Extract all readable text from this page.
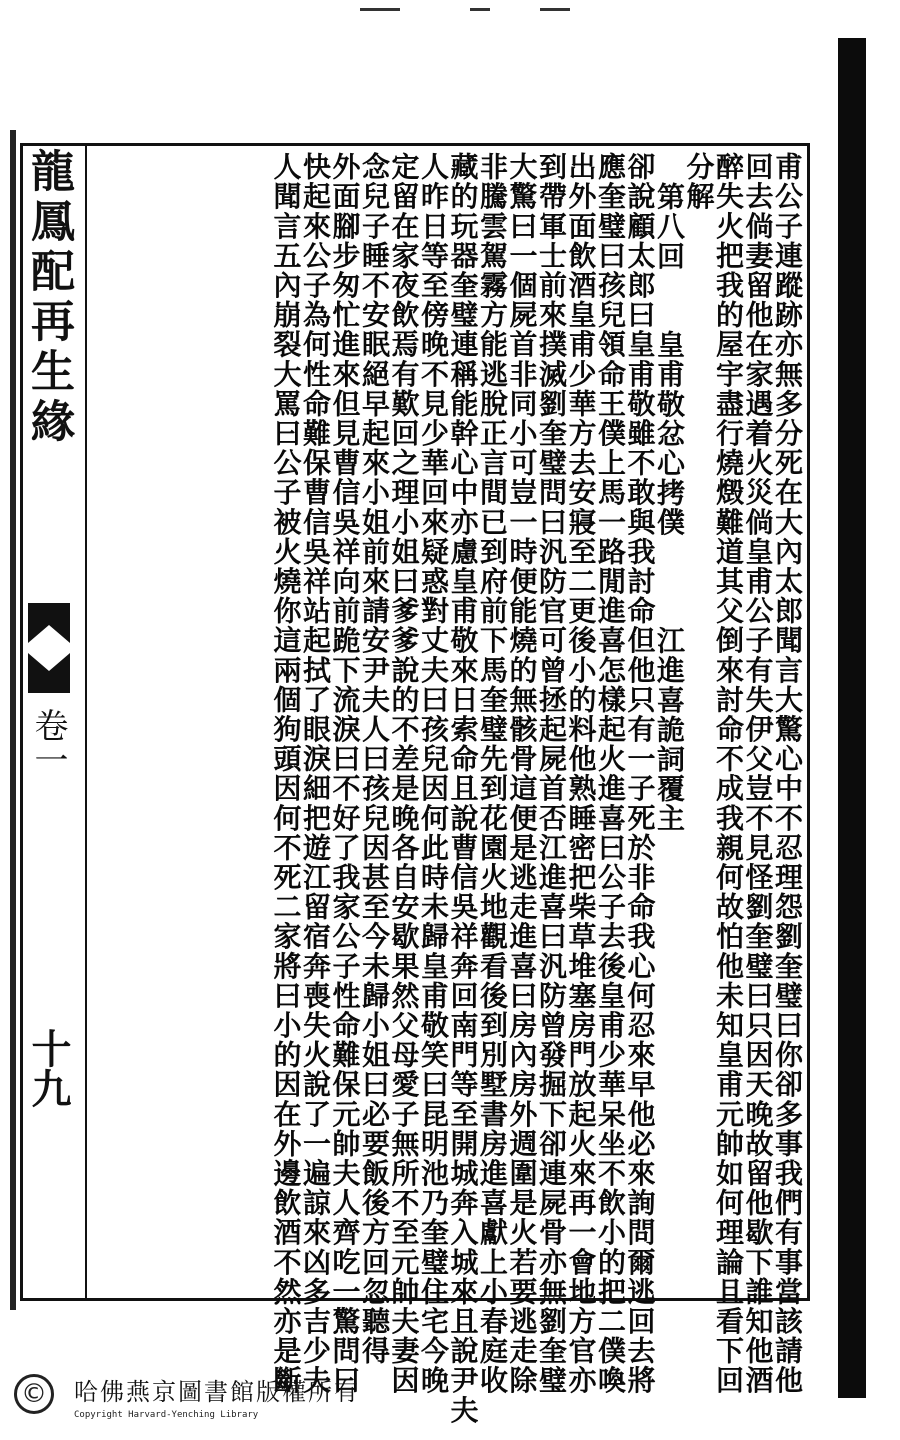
龍鳳配再生緣
卷一
十九	甫公子連蹤跡亦無多分死在大內太郎聞言大驚心中不忍理怨劉奎璧曰你卻多事我們有事當該請他
回去倘妻留他在家遇着火災倘皇甫公子有失伊父豈不見怪劉奎璧曰只因天晚故留他歇下誰知他酒
醉失火把我的屋宇盡行燒燬難道其父倒來討命不成我親何故怕他未知皇甫元帥如何理論且看下回
分解
第八回　　皇甫敬忿心拷僕　　　江進喜詭詞覆主
卻說顧太郎曰皇甫敬雖不敢與我討命但他只有一子死於非命我心何忍來早他必來詢問爾逃回去將
應奎璧曰孩兒領命王僕上馬一路閒進喜怎樣起火進喜曰公子去後皇甫少華呆坐不飲小的把二僕喚
出外面飲酒皇甫少華方去安寢至二更後小的料他熟睡密把柴草堆塞房門放起火來再一會地方官亦
到帶軍士前來撲滅劉奎璧問曰汎防官可曾拯起屍首否江進喜曰汎防曾發掘下卻連屍骨亦無劉奎璧
大驚曰一個屍首非同小可豈一時便能燒的無骸骨這便是逃走進喜曰房內房外週圍是火若要逃走除
非騰雲駕霧方能逃脫正言間已到府前下馬奎璧先到花園火地觀看後到別墅書房進喜獻上小春庭收
藏的玩器奎璧連稱能幹心中亦慮皇甫敬來日索命且說曹信吳祥奔回南門等至開城奔入城來且說尹夫
人昨日等至傍晚不見少華回來疑惑對丈夫曰孩兒因何此時未歸皇甫敬笑曰昆明池乃奎璧住宅今晚
定留在家夜飲焉有歎回之理小姐曰爹爹說的不差是晚各自安歇果然父母愛子無所不至元帥夫妻因
念兒子睡不安眠絕早起來小姐前來請安尹夫人曰孩兒因甚至今未歸小姐曰必要飯後方回忽聽得
外面腳步匆忙進來但見曹信吳祥向前跪下流淚曰不好了我家公子性命難保元帥夫人齊吃一驚問曰
快起來公子為何性命難保曹信吳祥站起拭了眼淚細把遊江留宿奔喪失火說了一遍諒來凶多吉少夫
人聞言五內崩裂大罵曰公子被火燒你這兩個狗頭因何不死二家將曰小的因在外邊飲酒不然亦是斷
© 哈佛燕京圖書館版權所有
Copyright Harvard-Yenching Library
